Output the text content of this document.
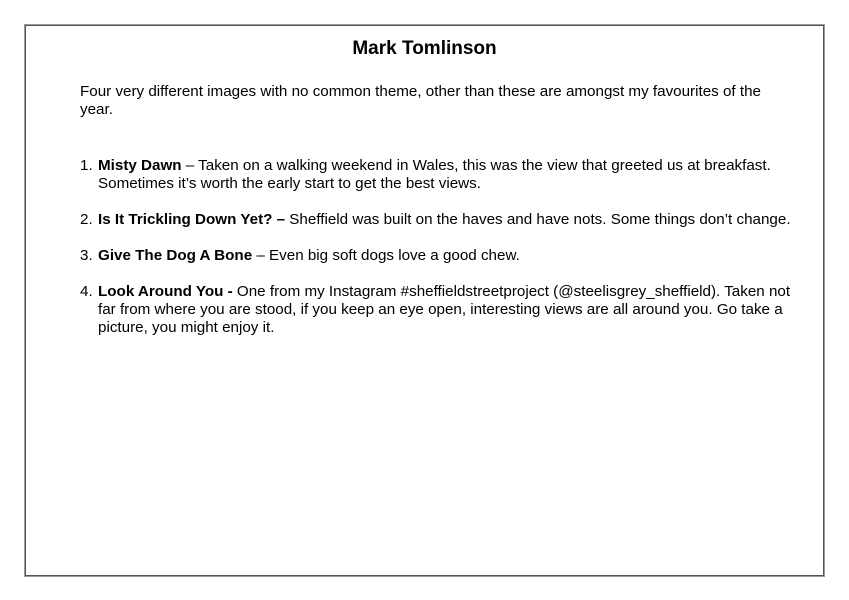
Mark Tomlinson
Four very different images with no common theme, other than these are amongst my favourites of the year.
1. Misty Dawn – Taken on a walking weekend in Wales, this was the view that greeted us at breakfast. Sometimes it’s worth the early start to get the best views.
2. Is It Trickling Down Yet? – Sheffield was built on the haves and have nots. Some things don’t change.
3. Give The Dog A Bone – Even big soft dogs love a good chew.
4. Look Around You - One from my Instagram #sheffieldstreetproject (@steelisgrey_sheffield). Taken not far from where you are stood, if you keep an eye open, interesting views are all around you. Go take a picture, you might enjoy it.
